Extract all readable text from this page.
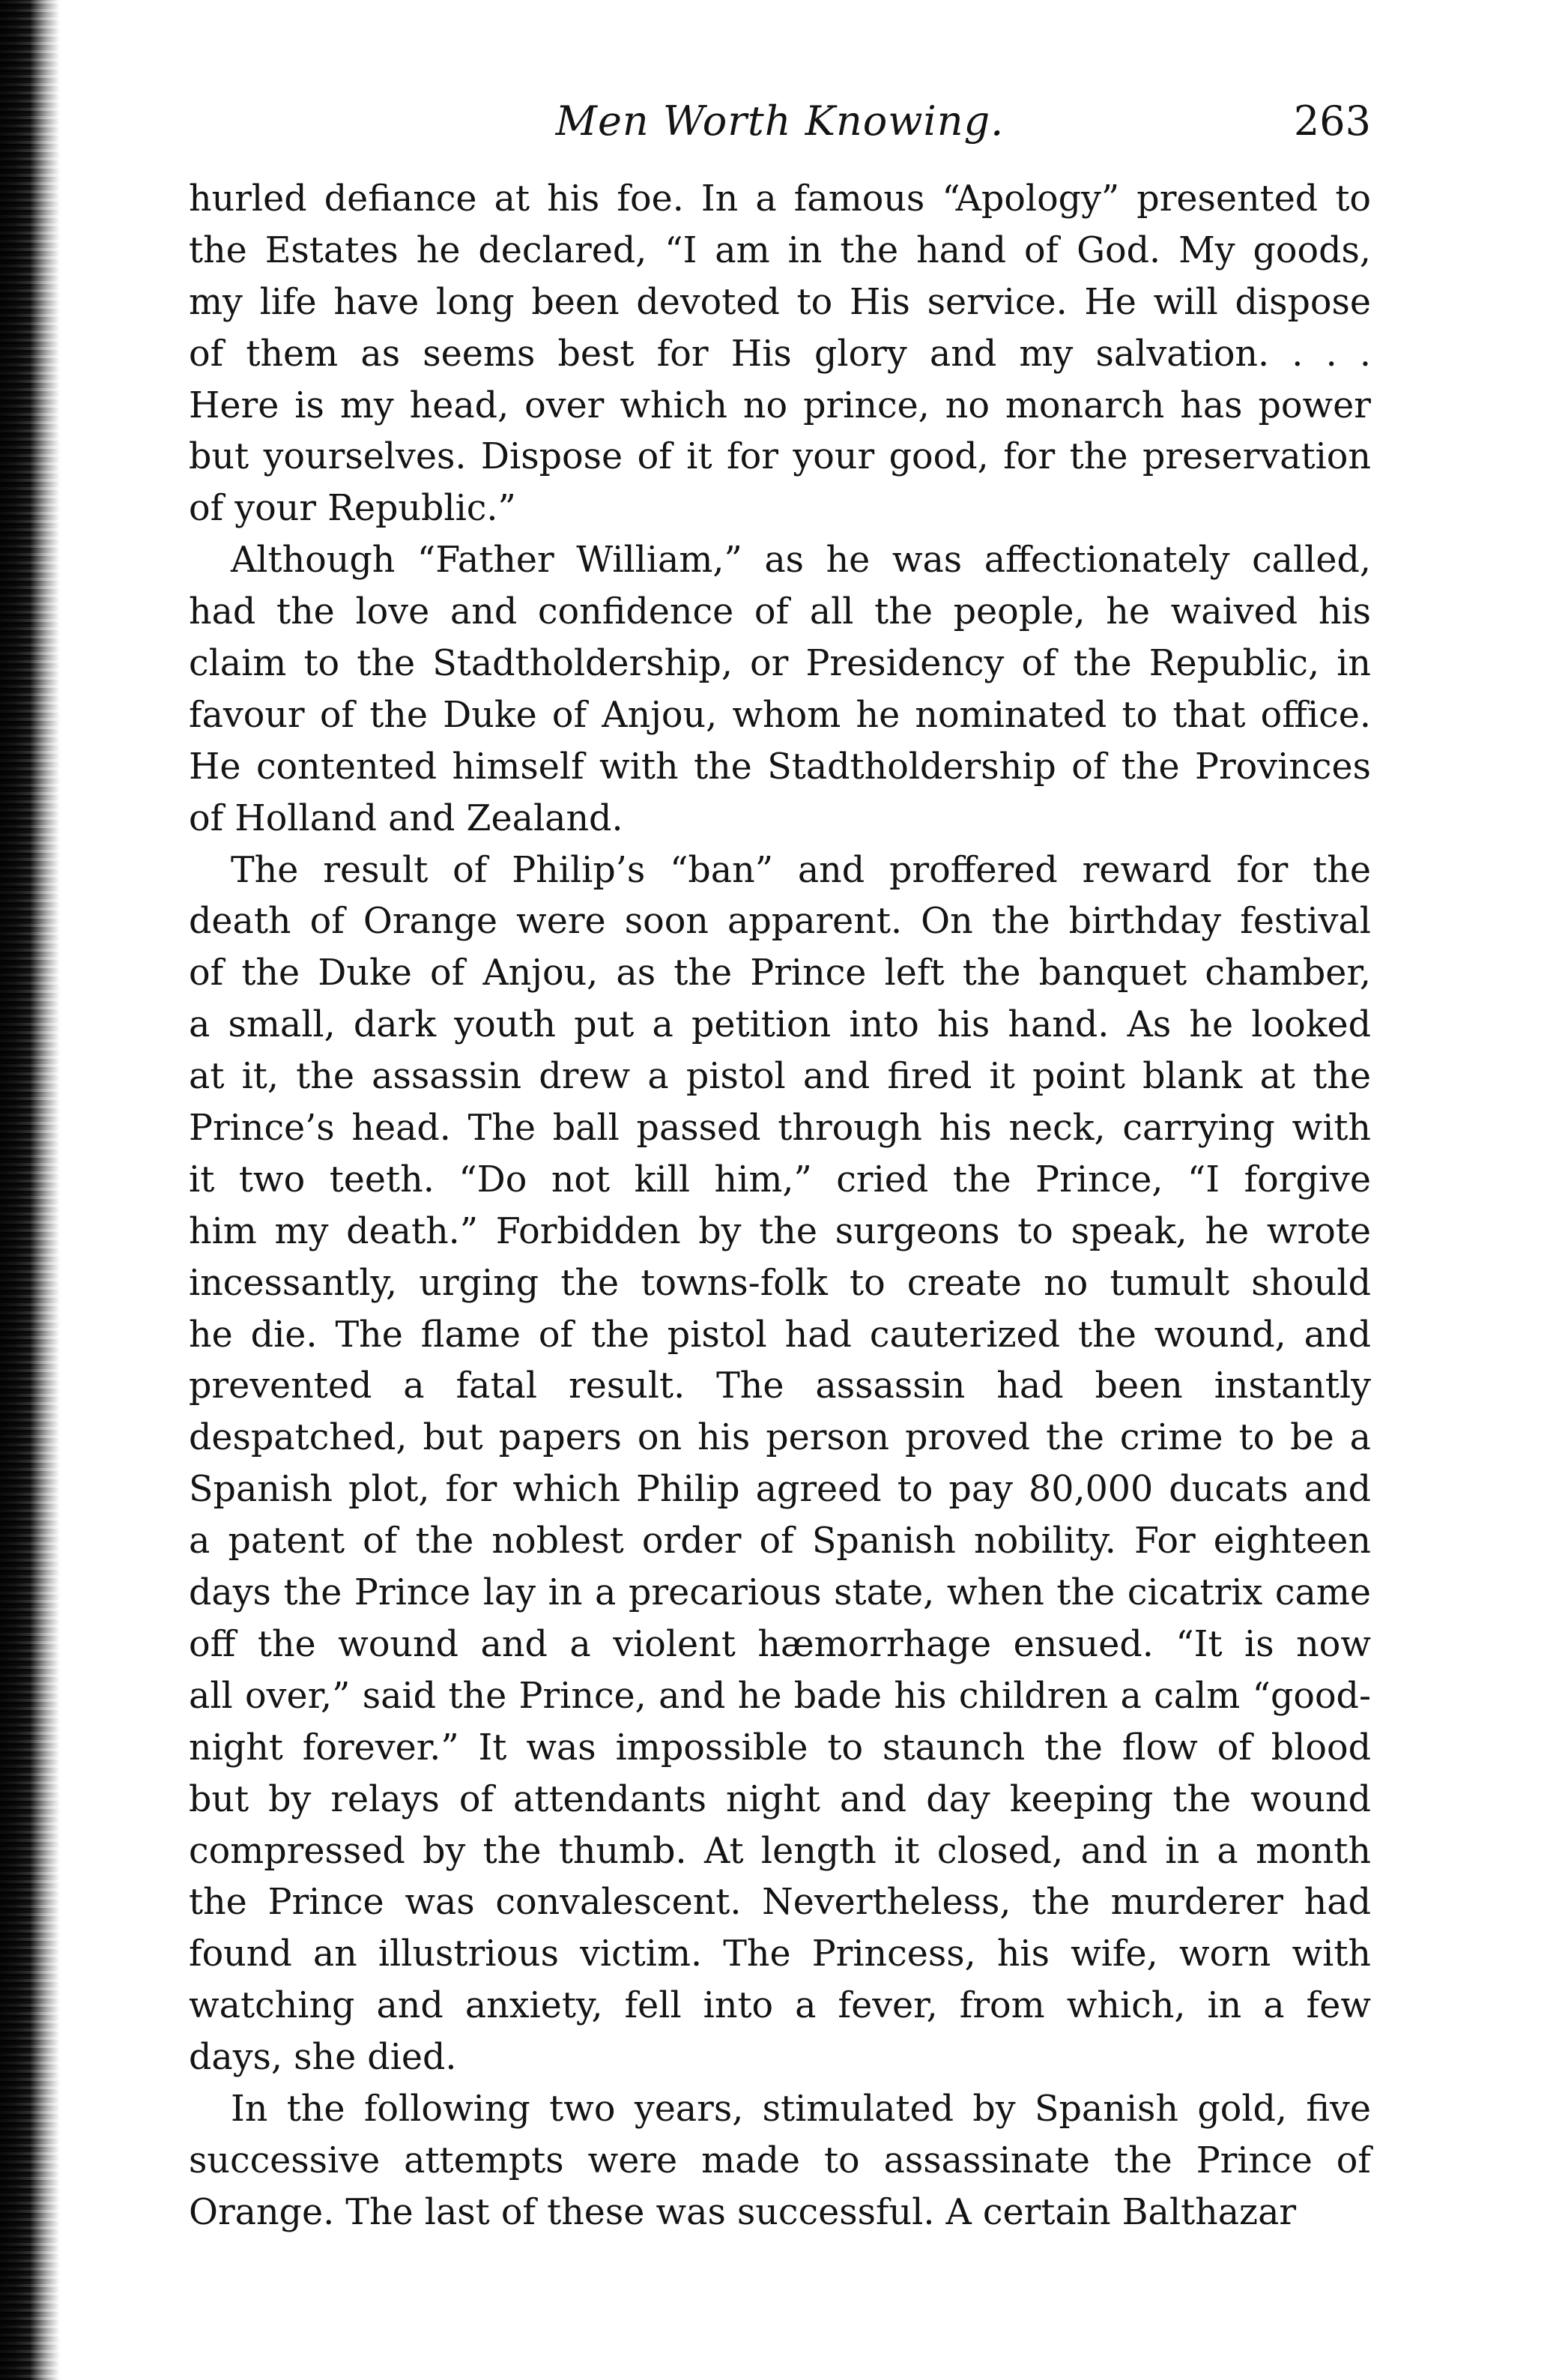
Men Worth Knowing.	263
hurled defiance at his foe. In a famous “Apology” presented to
the Estates he declared, “I am in the hand of God. My goods,
my life have long been devoted to His service. He will dispose
of them as seems best for His glory and my salvation. . . .
Here is my head, over which no prince, no monarch has power
but yourselves. Dispose of it for your good, for the preservation
of your Republic.”
Although “Father William,” as he was affectionately called,
had the love and confidence of all the people, he waived his
claim to the Stadtholdership, or Presidency of the Republic, in
favour of the Duke of Anjou, whom he nominated to that office.
He contented himself with the Stadtholdership of the Provinces
of Holland and Zealand.
The result of Philip’s “ban” and proffered reward for the
death of Orange were soon apparent. On the birthday festival
of the Duke of Anjou, as the Prince left the banquet chamber,
a small, dark youth put a petition into his hand. As he looked
at it, the assassin drew a pistol and fired it point blank at the
Prince’s head. The ball passed through his neck, carrying with
it two teeth. “Do not kill him,” cried the Prince, “I forgive
him my death.” Forbidden by the surgeons to speak, he wrote
incessantly, urging the towns-folk to create no tumult should
he die. The flame of the pistol had cauterized the wound, and
prevented a fatal result. The assassin had been instantly
despatched, but papers on his person proved the crime to be a
Spanish plot, for which Philip agreed to pay 80,000 ducats and
a patent of the noblest order of Spanish nobility. For eighteen
days the Prince lay in a precarious state, when the cicatrix came
off the wound and a violent hæmorrhage ensued. “It is now
all over,” said the Prince, and he bade his children a calm “good-
night forever.” It was impossible to staunch the flow of blood
but by relays of attendants night and day keeping the wound
compressed by the thumb. At length it closed, and in a month
the Prince was convalescent. Nevertheless, the murderer had
found an illustrious victim. The Princess, his wife, worn with
watching and anxiety, fell into a fever, from which, in a few
days, she died.
In the following two years, stimulated by Spanish gold, five
successive attempts were made to assassinate the Prince of
Orange. The last of these was successful. A certain Balthazar
